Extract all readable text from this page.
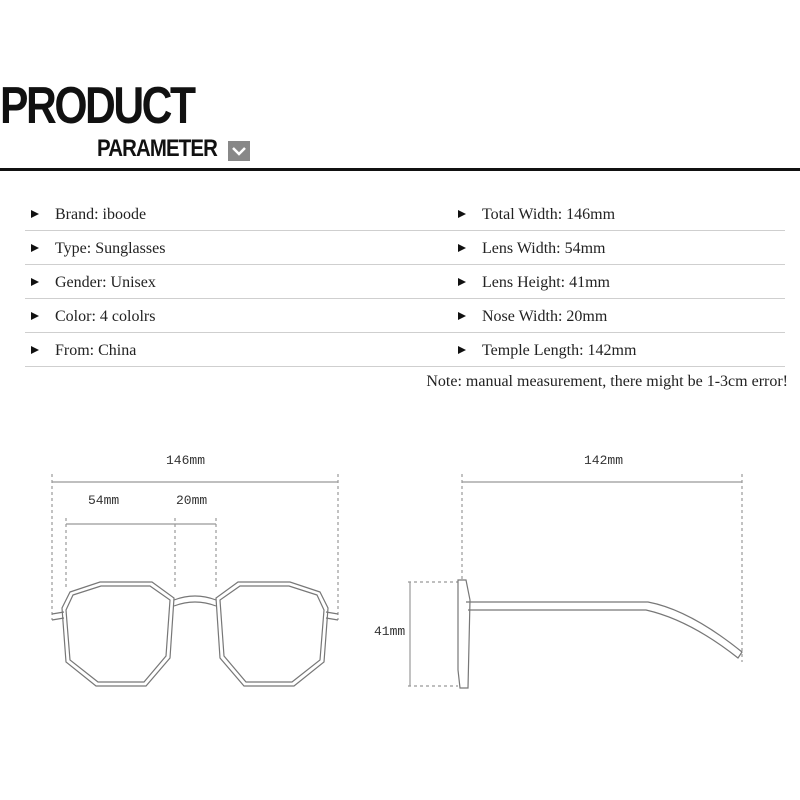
PRODUCT
PARAMETER
Brand: iboode	Total Width: 146mm
Type: Sunglasses	Lens Width: 54mm
Gender: Unisex	Lens Height: 41mm
Color: 4 cololrs	Nose Width: 20mm
From: China	Temple Length: 142mm
Note: manual measurement, there might be 1-3cm error!
146mm
54mm	20mm
142mm
41mm
